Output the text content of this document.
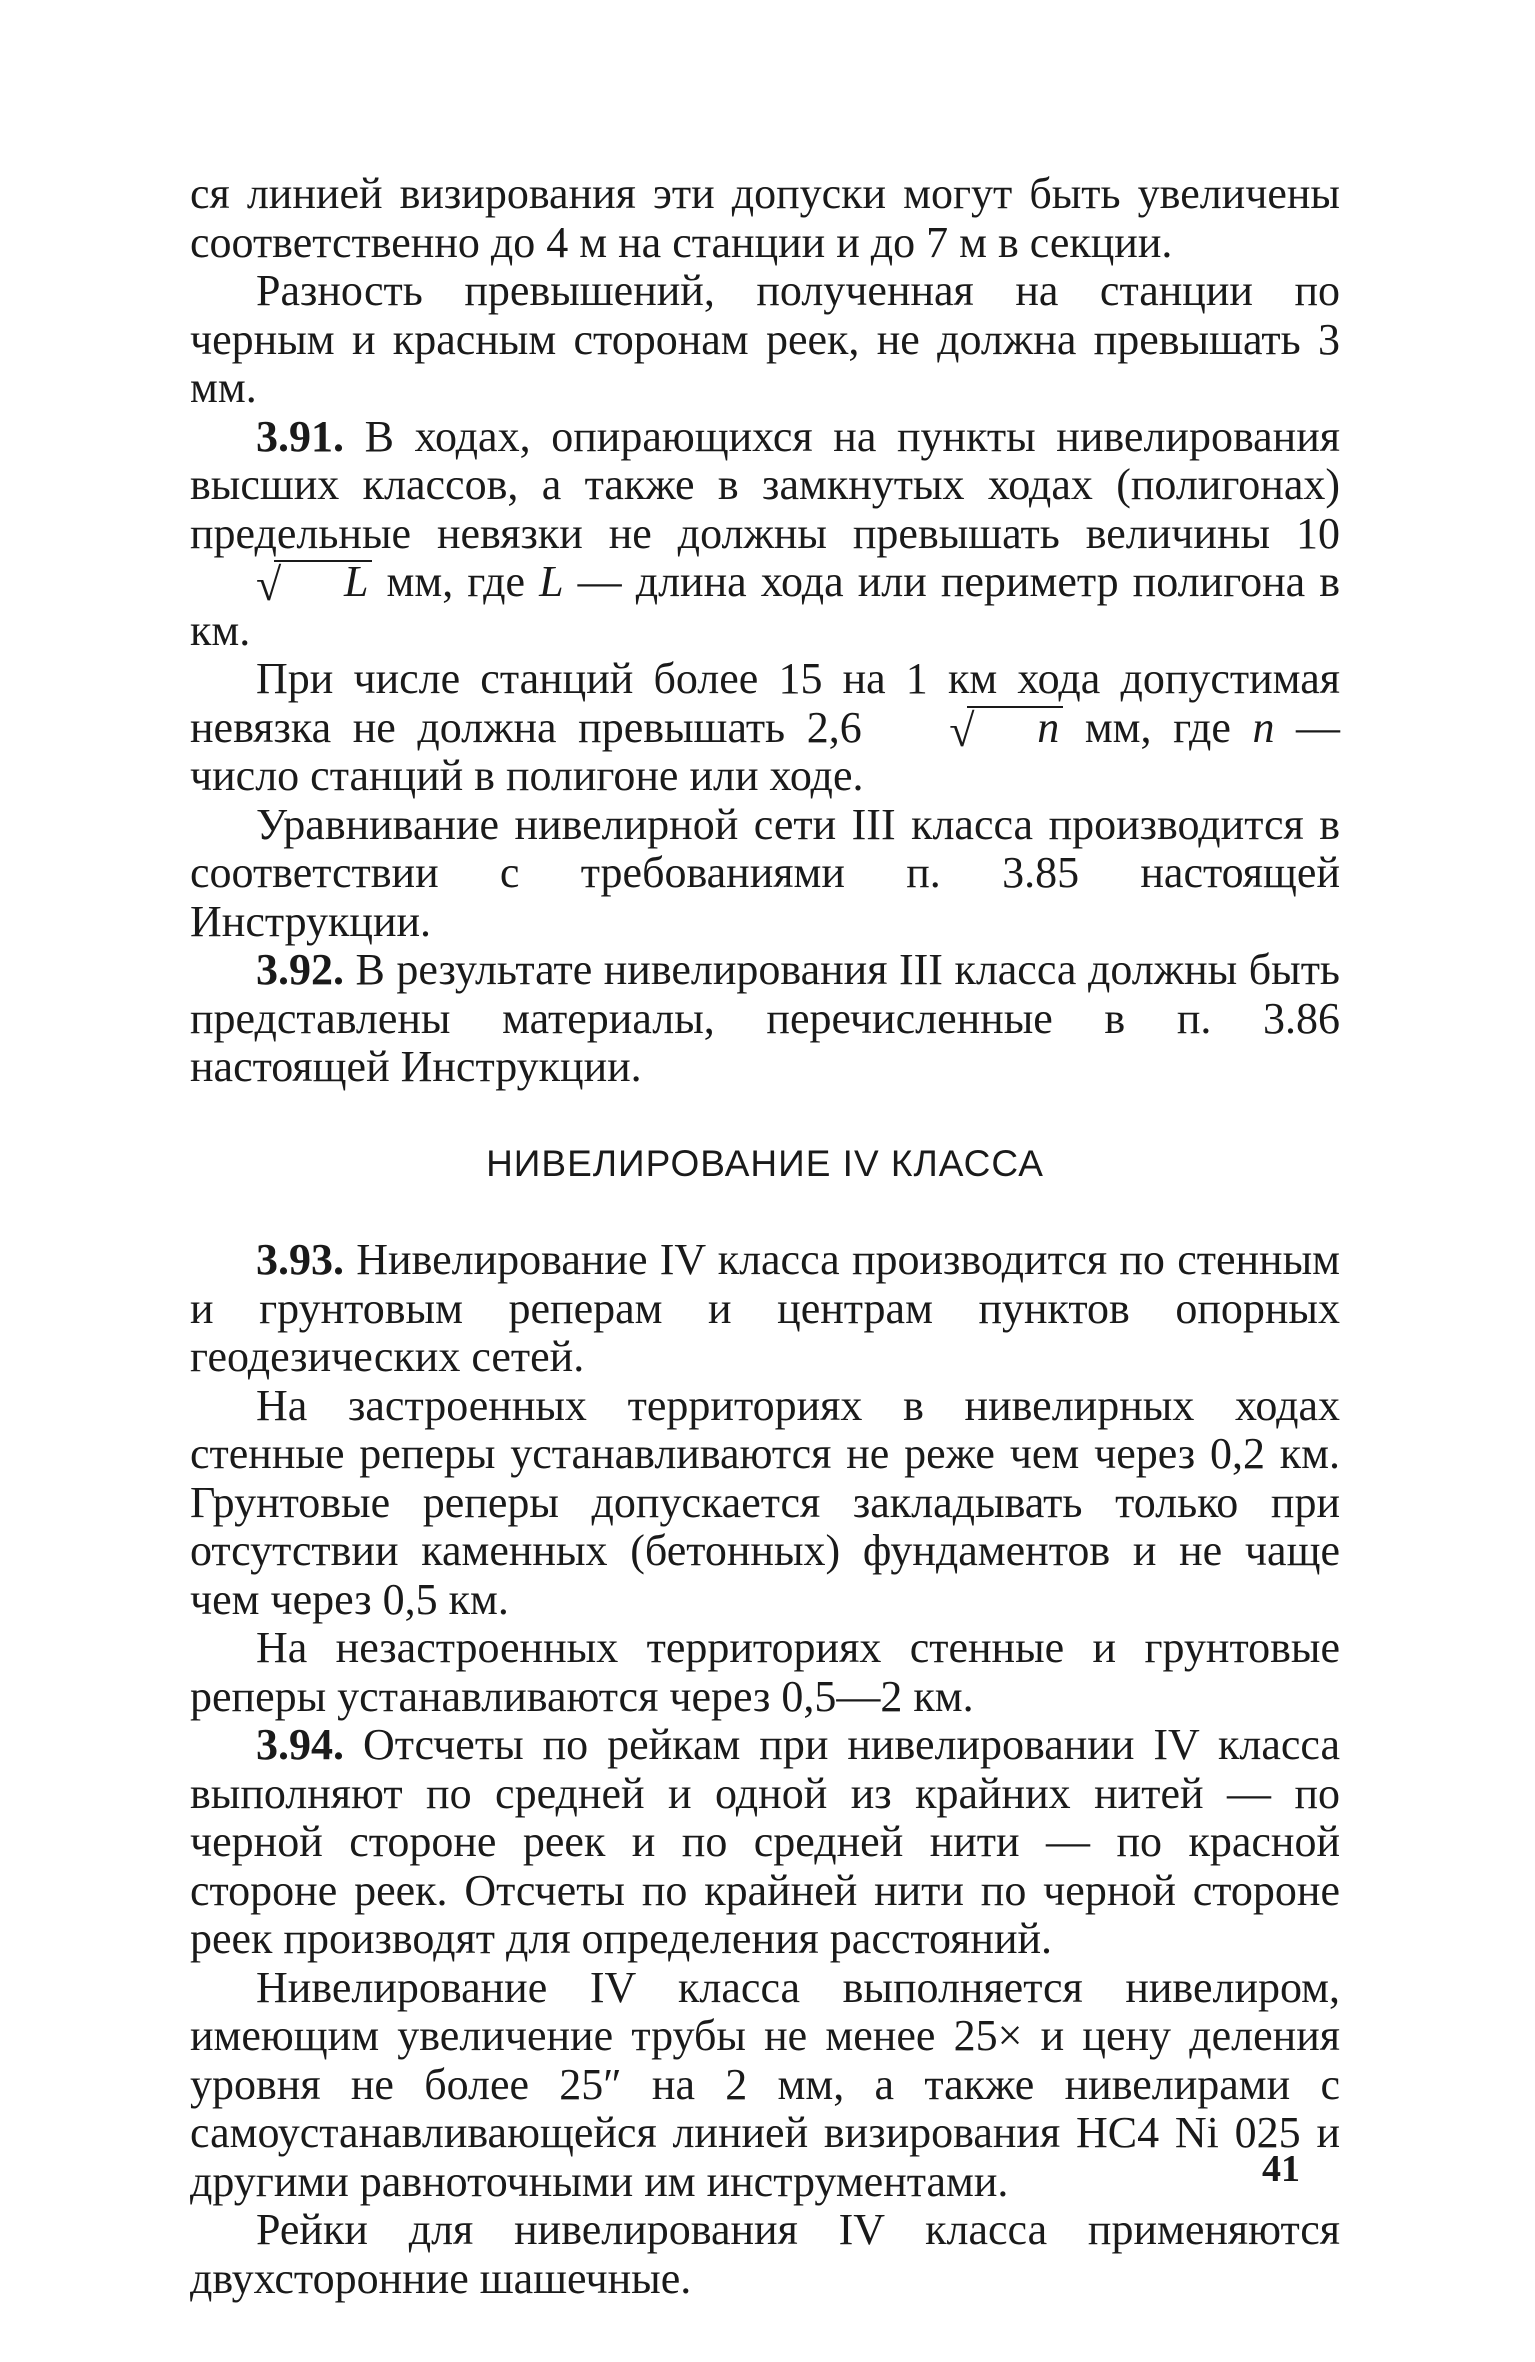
ся линией визирования эти допуски могут быть увеличены соответственно до 4 м на станции и до 7 м в секции.

Разность превышений, полученная на станции по черным и красным сторонам реек, не должна превышать 3 мм.

3.91. В ходах, опирающихся на пункты нивелирования высших классов, а также в замкнутых ходах (полигонах) предельные невязки не должны превышать величины 10
√ L мм, где L — длина хода или периметр полигона в км.

При числе станций более 15 на 1 км хода допустимая невязка не должна превышать 2,6	√ n мм, где n — число станций в полигоне или ходе.

Уравнивание нивелирной сети III класса производится в соответствии с требованиями п. 3.85 настоящей Инструкции.

3.92. В результате нивелирования III класса должны быть представлены материалы, перечисленные в п. 3.86 настоящей Инструкции.

НИВЕЛИРОВАНИЕ IV КЛАССА

3.93. Нивелирование IV класса производится по стенным и грунтовым реперам и центрам пунктов опорных геодезических сетей.

На застроенных территориях в нивелирных ходах стенные реперы устанавливаются не реже чем через 0,2 км. Грунтовые реперы допускается закладывать только при отсутствии каменных (бетонных) фундаментов и не чаще чем через 0,5 км.

На незастроенных территориях стенные и грунтовые реперы устанавливаются через 0,5—2 км.

3.94. Отсчеты по рейкам при нивелировании IV класса выполняют по средней и одной из крайних нитей — по черной стороне реек и по средней нити — по красной стороне реек. Отсчеты по крайней нити по черной стороне реек производят для определения расстояний.

Нивелирование IV класса выполняется нивелиром, имеющим увеличение трубы не менее 25× и цену деления уровня не более 25″ на 2 мм, а также нивелирами с самоустанавливающейся линией визирования НС4 Ni 025 и другими равноточными им инструментами.

Рейки для нивелирования IV класса применяются двухсторонние шашечные.

41
